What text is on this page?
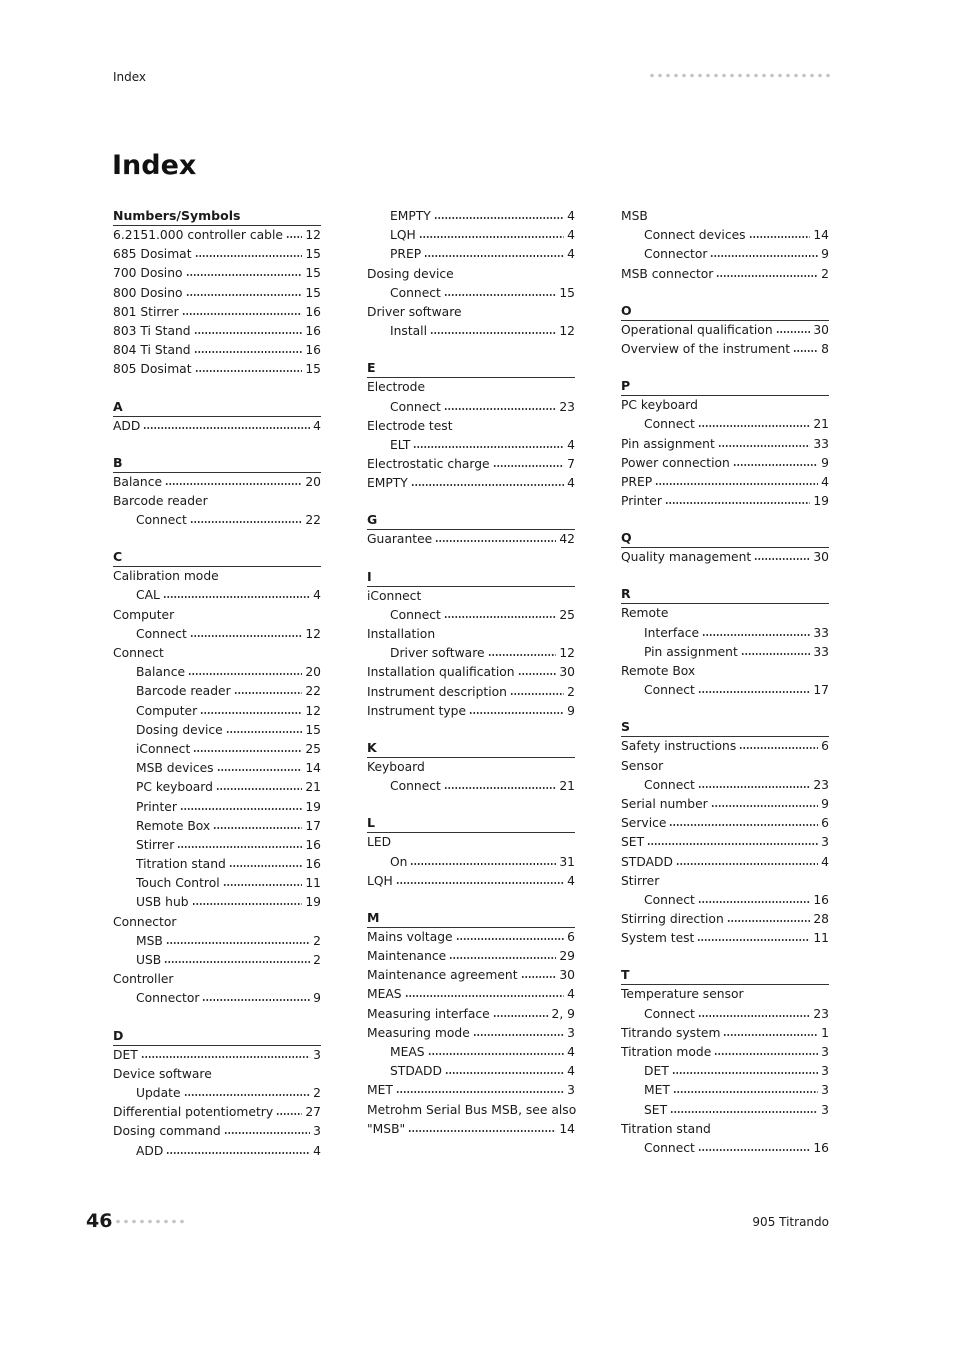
Index
Index
Numbers/Symbols
6.2151.000 controller cable 12
685 Dosimat	15
700 Dosino	15
800 Dosino	15
801 Stirrer	16
803 Ti Stand	16
804 Ti Stand	16
805 Dosimat	15
A
ADD	4
B
Balance	20
Barcode reader
Connect	22
C
Calibration mode
CAL	4
Computer
Connect	12
Connect
Balance	20
Barcode reader	22
Computer	12
Dosing device	15
iConnect	25
MSB devices	14
PC keyboard	21
Printer	19
Remote Box	17
Stirrer	16
Titration stand	16
Touch Control	11
USB hub	19
Connector
MSB	2
USB	2
Controller
Connector	9
D
DET	3
Device software
Update	2
Differential potentiometry	27
Dosing command	3
ADD	4
EMPTY	4
LQH	4
PREP	4
Dosing device
Connect	15
Driver software
Install	12
E
Electrode
Connect	23
Electrode test
ELT	4
Electrostatic charge	7
EMPTY	4
G
Guarantee	42
I
iConnect
Connect	25
Installation
Driver software	12
Installation qualification	30
Instrument description	2
Instrument type	9
K
Keyboard
Connect	21
L
LED
On	31
LQH	4
M
Mains voltage	6
Maintenance	29
Maintenance agreement	30
MEAS	4
Measuring interface	2, 9
Measuring mode	3
MEAS	4
STDADD	4
MET	3
Metrohm Serial Bus MSB, see also
"MSB"	14
MSB
Connect devices	14
Connector	9
MSB connector	2
O
Operational qualification	30
Overview of the instrument	8
P
PC keyboard
Connect	21
Pin assignment	33
Power connection	9
PREP	4
Printer	19
Q
Quality management	30
R
Remote
Interface	33
Pin assignment	33
Remote Box
Connect	17
S
Safety instructions	6
Sensor
Connect	23
Serial number	9
Service	6
SET	3
STDADD	4
Stirrer
Connect	16
Stirring direction	28
System test	11
T
Temperature sensor
Connect	23
Titrando system	1
Titration mode	3
DET	3
MET	3
SET	3
Titration stand
Connect	16
46	905 Titrando
